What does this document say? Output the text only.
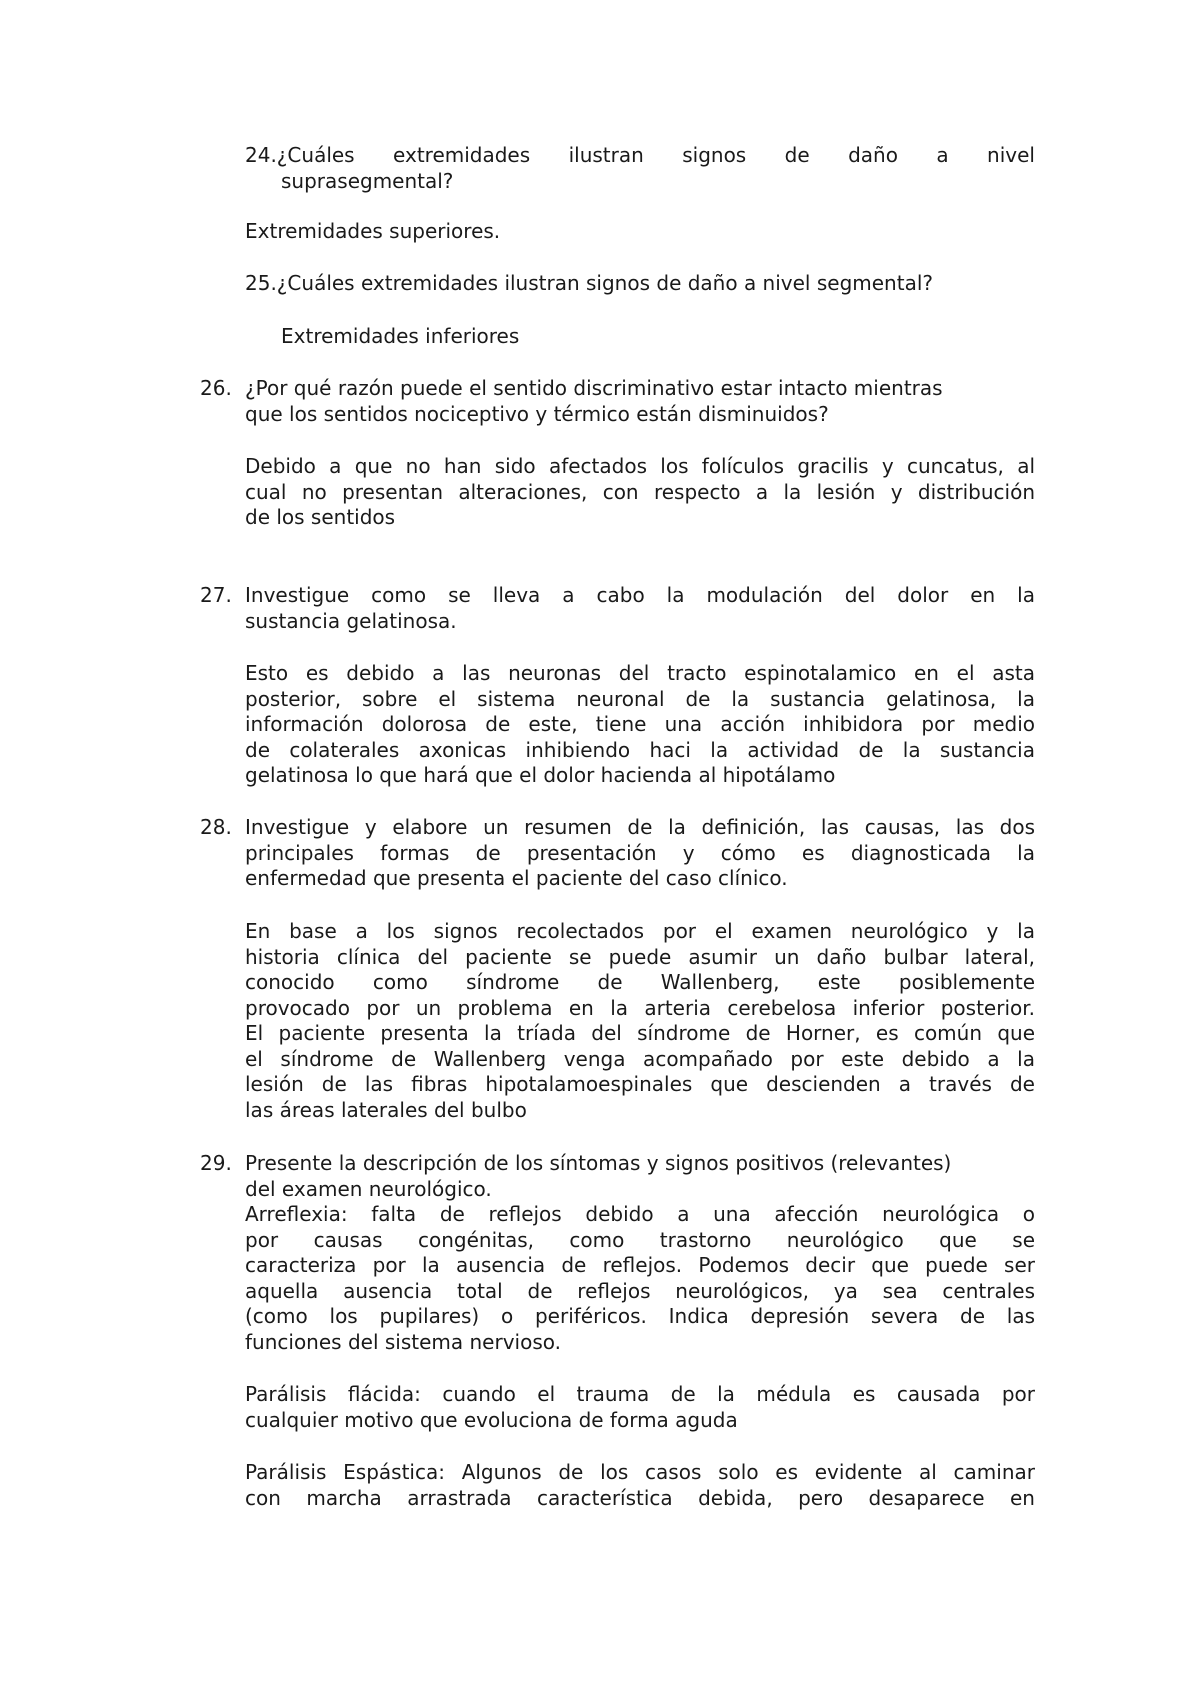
24.¿Cuáles extremidades ilustran signos de daño a nivel
suprasegmental?
Extremidades superiores.
25.¿Cuáles extremidades ilustran signos de daño a nivel segmental?
Extremidades inferiores
26. ¿Por qué razón puede el sentido discriminativo estar intacto mientras
que los sentidos nociceptivo y térmico están disminuidos?
Debido a que no han sido afectados los folículos gracilis y cuncatus, al
cual no presentan alteraciones, con respecto a la lesión y distribución
de los sentidos
27. Investigue como se lleva a cabo la modulación del dolor en la
sustancia gelatinosa.
Esto es debido a las neuronas del tracto espinotalamico en el asta
posterior, sobre el sistema neuronal de la sustancia gelatinosa, la
información dolorosa de este, tiene una acción inhibidora por medio
de colaterales axonicas inhibiendo haci la actividad de la sustancia
gelatinosa lo que hará que el dolor hacienda al hipotálamo
28. Investigue y elabore un resumen de la definición, las causas, las dos
principales formas de presentación y cómo es diagnosticada la
enfermedad que presenta el paciente del caso clínico.
En base a los signos recolectados por el examen neurológico y la
historia clínica del paciente se puede asumir un daño bulbar lateral,
conocido como síndrome de Wallenberg, este posiblemente
provocado por un problema en la arteria cerebelosa inferior posterior.
El paciente presenta la tríada del síndrome de Horner, es común que
el síndrome de Wallenberg venga acompañado por este debido a la
lesión de las fibras hipotalamoespinales que descienden a través de
las áreas laterales del bulbo
29. Presente la descripción de los síntomas y signos positivos (relevantes)
del examen neurológico.
Arreflexia: falta de reflejos debido a una afección neurológica o
por causas congénitas, como trastorno neurológico que se
caracteriza por la ausencia de reflejos. Podemos decir que puede ser
aquella ausencia total de reflejos neurológicos, ya sea centrales
(como los pupilares) o periféricos. Indica depresión severa de las
funciones del sistema nervioso.
Parálisis flácida: cuando el trauma de la médula es causada por
cualquier motivo que evoluciona de forma aguda
Parálisis Espástica: Algunos de los casos solo es evidente al caminar
con marcha arrastrada característica debida, pero desaparece en
